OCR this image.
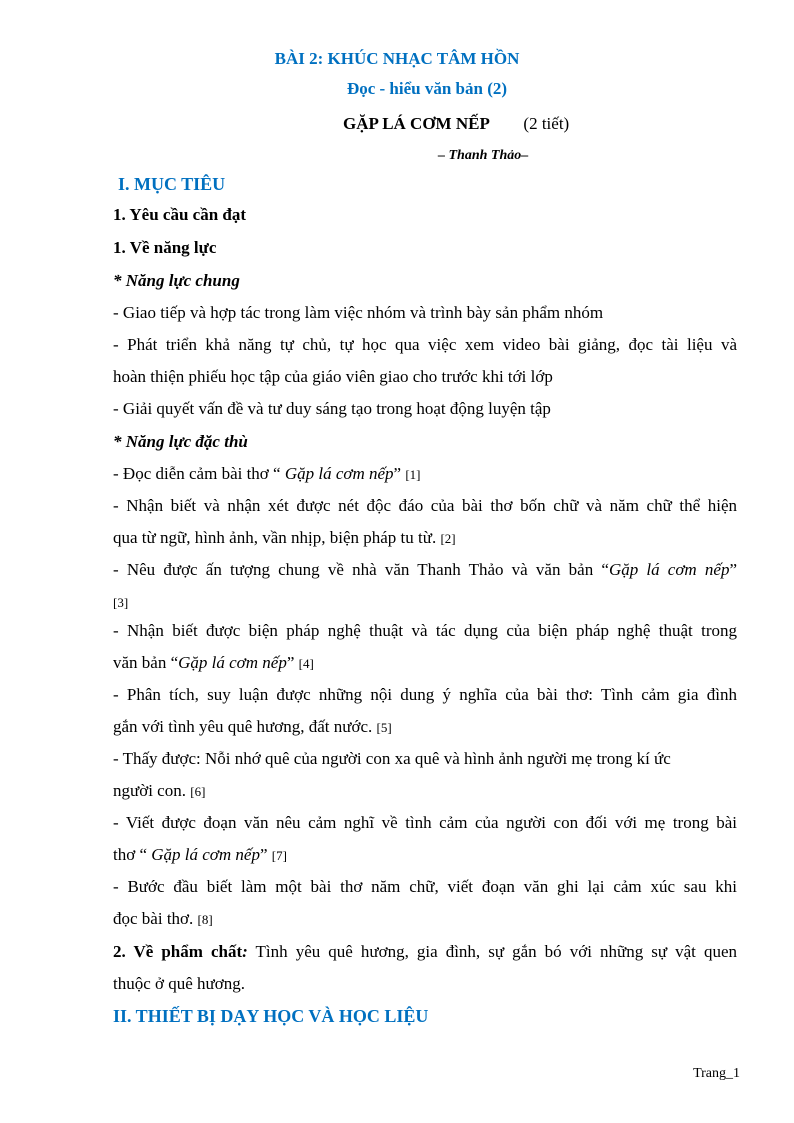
BÀI 2: KHÚC NHẠC TÂM HỒN
Đọc - hiểu văn bản (2)
GẶP LÁ CƠM NẾP (2 tiết)
– Thanh Thảo–
I. MỤC TIÊU
1. Yêu cầu cần đạt
1. Về năng lực
* Năng lực chung
- Giao tiếp và hợp tác trong làm việc nhóm và trình bày sản phẩm nhóm
- Phát triển khả năng tự chủ, tự học qua việc xem video bài giảng, đọc tài liệu và
hoàn thiện phiếu học tập của giáo viên giao cho trước khi tới lớp
- Giải quyết vấn đề và tư duy sáng tạo trong hoạt động luyện tập
* Năng lực đặc thù
- Đọc diễn cảm bài thơ “ Gặp lá cơm nếp” [1]
- Nhận biết và nhận xét được nét độc đáo của bài thơ bốn chữ và năm chữ thể hiện
qua từ ngữ, hình ảnh, vần nhịp, biện pháp tu từ. [2]
- Nêu được ấn tượng chung về nhà văn Thanh Thảo và văn bản “Gặp lá cơm nếp”
[3]
- Nhận biết được biện pháp nghệ thuật và tác dụng của biện pháp nghệ thuật trong
văn bản “Gặp lá cơm nếp” [4]
- Phân tích, suy luận được những nội dung ý nghĩa của bài thơ: Tình cảm gia đình
gắn với tình yêu quê hương, đất nước. [5]
- Thấy được: Nỗi nhớ quê của người con xa quê và hình ảnh người mẹ trong kí ức
người con. [6]
- Viết được đoạn văn nêu cảm nghĩ về tình cảm của người con đối với mẹ trong bài
thơ “ Gặp lá cơm nếp” [7]
- Bước đầu biết làm một bài thơ năm chữ, viết đoạn văn ghi lại cảm xúc sau khi
đọc bài thơ. [8]
2. Về phẩm chất: Tình yêu quê hương, gia đình, sự gắn bó với những sự vật quen
thuộc ở quê hương.
II. THIẾT BỊ DẠY HỌC VÀ HỌC LIỆU
Trang_1
